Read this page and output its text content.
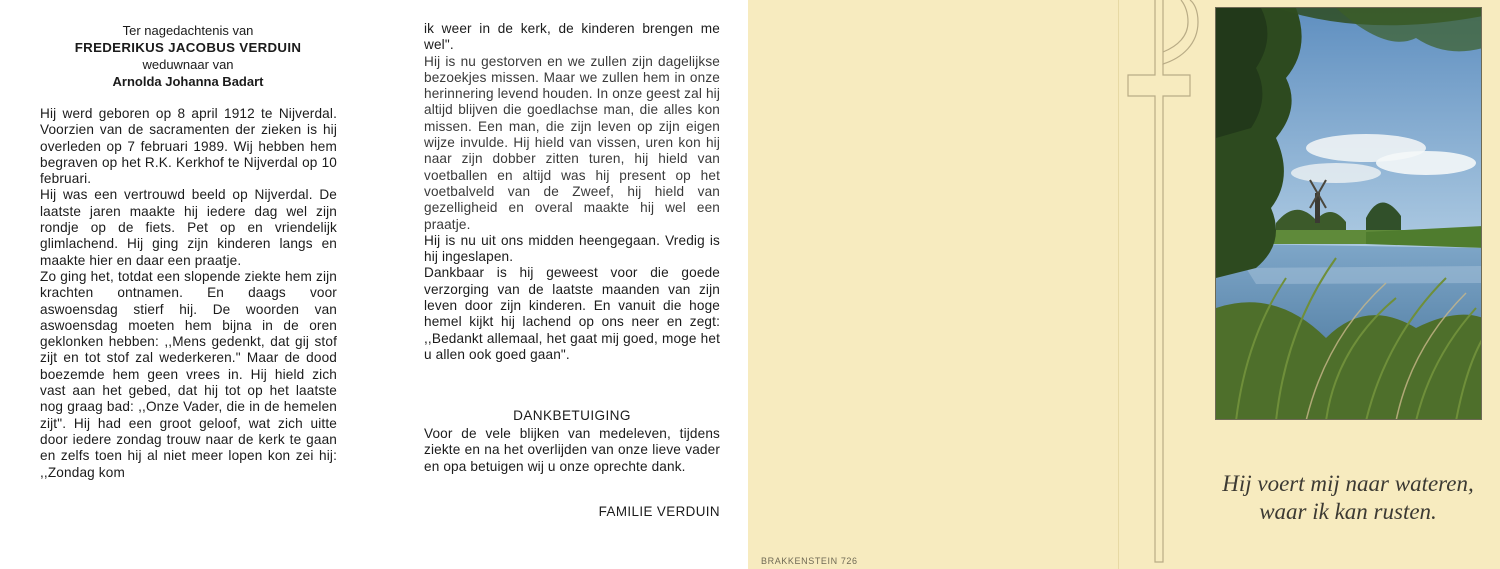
Ter nagedachtenis van
FREDERIKUS JACOBUS VERDUIN
weduwnaar van
Arnolda Johanna Badart

Hij werd geboren op 8 april 1912 te Nijverdal. Voorzien van de sacramenten der zieken is hij overleden op 7 februari 1989. Wij hebben hem begraven op het R.K. Kerkhof te Nijverdal op 10 februari.

Hij was een vertrouwd beeld op Nijverdal. De laatste jaren maakte hij iedere dag wel zijn rondje op de fiets. Pet op en vriendelijk glimlachend. Hij ging zijn kinderen langs en maakte hier en daar een praatje.

Zo ging het, totdat een slopende ziekte hem zijn krachten ontnamen. En daags voor aswoensdag stierf hij. De woorden van aswoensdag moeten hem bijna in de oren geklonken hebben: ,,Mens gedenkt, dat gij stof zijt en tot stof zal wederkeren." Maar de dood boezemde hem geen vrees in. Hij hield zich vast aan het gebed, dat hij tot op het laatste nog graag bad: ,,Onze Vader, die in de hemelen zijt". Hij had een groot geloof, wat zich uitte door iedere zondag trouw naar de kerk te gaan en zelfs toen hij al niet meer lopen kon zei hij: ,,Zondag kom

ik weer in de kerk, de kinderen brengen me wel".

Hij is nu gestorven en we zullen zijn dagelijkse bezoekjes missen. Maar we zullen hem in onze herinnering levend houden. In onze geest zal hij altijd blijven die goedlachse man, die alles kon missen. Een man, die zijn leven op zijn eigen wijze invulde. Hij hield van vissen, uren kon hij naar zijn dobber zitten turen, hij hield van voetballen en altijd was hij present op het voetbalveld van de Zweef, hij hield van gezelligheid en overal maakte hij wel een praatje.

Hij is nu uit ons midden heengegaan. Vredig is hij ingeslapen.

Dankbaar is hij geweest voor die goede verzorging van de laatste maanden van zijn leven door zijn kinderen. En vanuit die hoge hemel kijkt hij lachend op ons neer en zegt: ,,Bedankt allemaal, het gaat mij goed, moge het u allen ook goed gaan".

DANKBETUIGING
Voor de vele blijken van medeleven, tijdens ziekte en na het overlijden van onze lieve vader en opa betuigen wij u onze oprechte dank.
FAMILIE VERDUIN
Hij voert mij naar wateren,
waar ik kan rusten.
BRAKKENSTEIN 726
